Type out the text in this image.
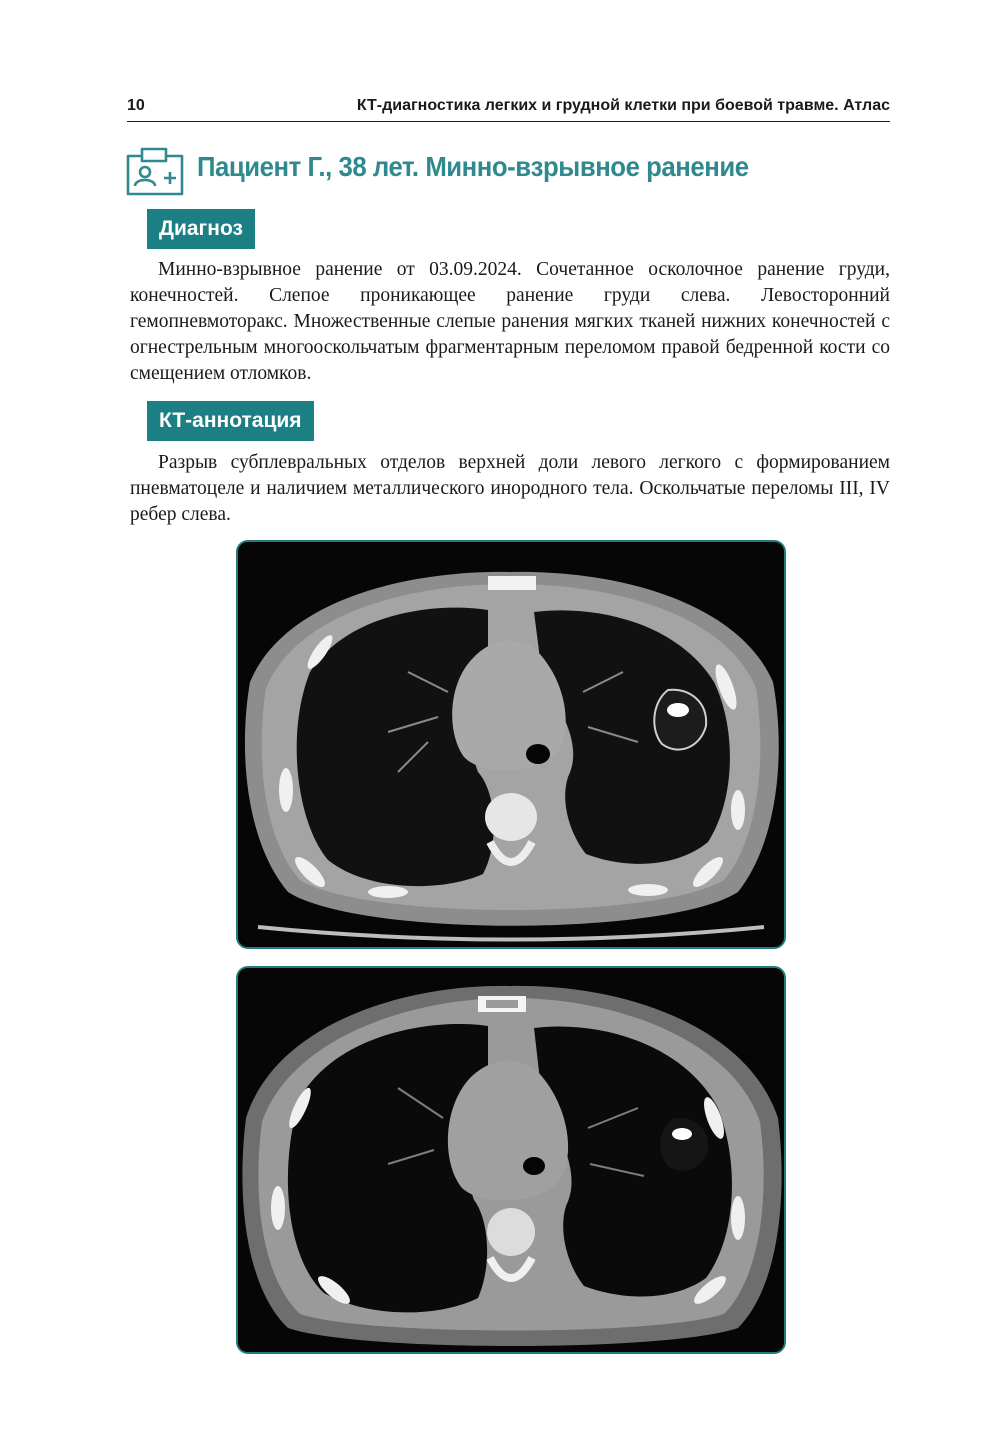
10	КТ-диагностика легких и грудной клетки при боевой травме. Атлас
Пациент Г., 38 лет. Минно-взрывное ранение
Диагноз

Минно-взрывное ранение от 03.09.2024. Сочетанное осколочное ранение груди, конечностей. Слепое проникающее ранение груди слева. Левосторонний гемопневмоторакс. Множественные слепые ранения мягких тканей нижних конечностей с огнестрельным многооскольчатым фрагментарным переломом правой бедренной кости со смещением отломков.

КТ-аннотация

Разрыв субплевральных отделов верхней доли левого легкого с формированием пневматоцеле и наличием металлического инородного тела. Оскольчатые переломы III, IV ребер слева.
